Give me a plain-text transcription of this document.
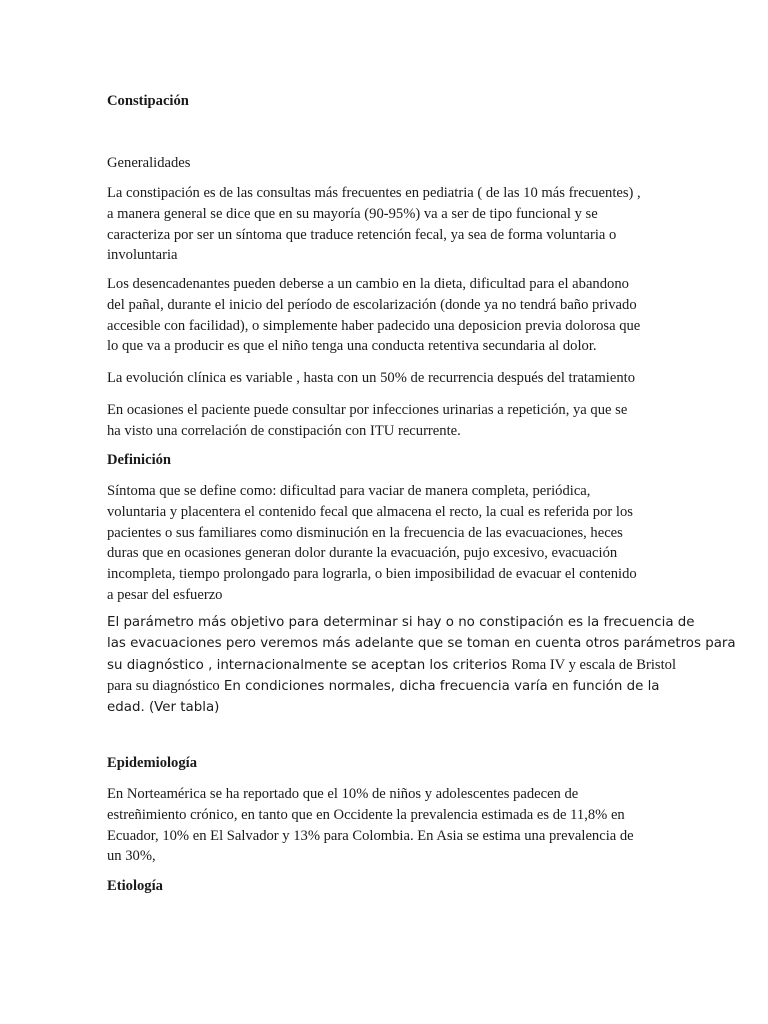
Constipación
Generalidades
La constipación es de las consultas más frecuentes en pediatria ( de las 10 más frecuentes) ,
a manera general se dice que en su mayoría (90-95%) va a ser de tipo funcional y se
caracteriza por ser un síntoma que traduce retención fecal, ya sea de forma voluntaria o
involuntaria
Los desencadenantes pueden deberse a un cambio en la dieta, dificultad para el abandono
del pañal, durante el inicio del período de escolarización (donde ya no tendrá baño privado
accesible con facilidad), o simplemente haber padecido una deposicion previa dolorosa que
lo que va a producir es que el niño tenga una conducta retentiva secundaria al dolor.
La evolución clínica es variable , hasta con un 50% de recurrencia después del tratamiento
En ocasiones el paciente puede consultar por infecciones urinarias a repetición, ya que se
ha visto una correlación de constipación con ITU recurrente.
Definición
Síntoma que se define como: dificultad para vaciar de manera completa, periódica,
voluntaria y placentera el contenido fecal que almacena el recto, la cual es referida por los
pacientes o sus familiares como disminución en la frecuencia de las evacuaciones, heces
duras que en ocasiones generan dolor durante la evacuación, pujo excesivo, evacuación
incompleta, tiempo prolongado para lograrla, o bien imposibilidad de evacuar el contenido
a pesar del esfuerzo
El parámetro más objetivo para determinar si hay o no constipación es la frecuencia de
las evacuaciones pero veremos más adelante que se toman en cuenta otros parámetros para
su diagnóstico , internacionalmente se aceptan los criterios Roma IV y escala de Bristol
para su diagnóstico En condiciones normales, dicha frecuencia varía en función de la
edad. (Ver tabla)
Epidemiología
En Norteamérica se ha reportado que el 10% de niños y adolescentes padecen de
estreñimiento crónico, en tanto que en Occidente la prevalencia estimada es de 11,8% en
Ecuador, 10% en El Salvador y 13% para Colombia. En Asia se estima una prevalencia de
un 30%,
Etiología
